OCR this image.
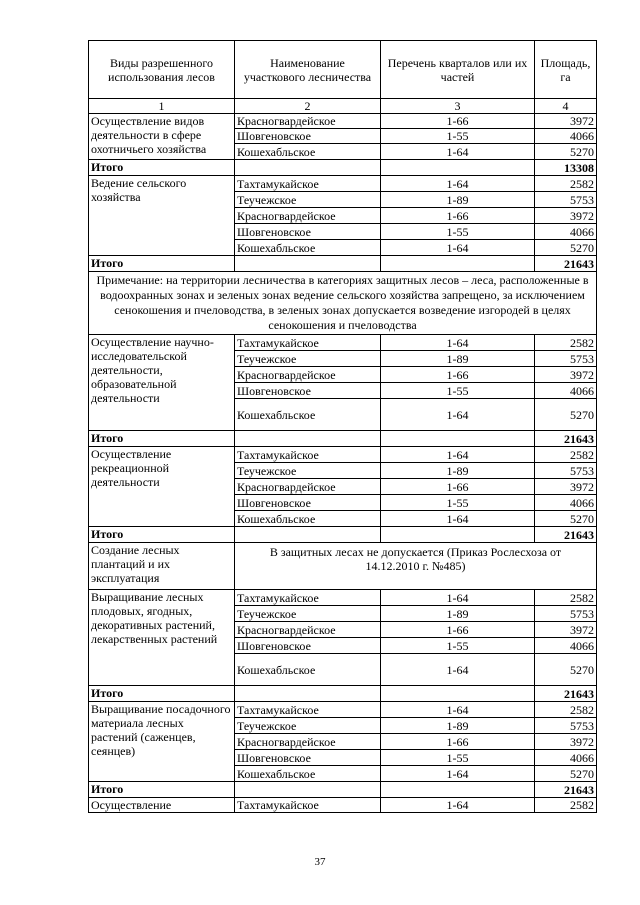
Виды разрешенного использования лесов	Наименование участкового лесничества	Перечень кварталов или их частей	Площадь, га
1	2	3	4
Осуществление видов деятельности в сфере охотничьего хозяйства	Красногвардейское	1-66	3972
	Шовгеновское	1-55	4066
	Кошехабльское	1-64	5270
Итого			13308
Ведение сельского хозяйства	Тахтамукайское	1-64	2582
	Теучежское	1-89	5753
	Красногвардейское	1-66	3972
	Шовгеновское	1-55	4066
	Кошехабльское	1-64	5270
Итого			21643
Примечание: на территории лесничества в категориях защитных лесов – леса, расположенные в водоохранных зонах и зеленых зонах ведение сельского хозяйства запрещено, за исключением сенокошения и пчеловодства, в зеленых зонах допускается возведение изгородей в целях сенокошения и пчеловодства			
Осуществление научно-исследовательской деятельности, образовательной деятельности	Тахтамукайское	1-64	2582
	Теучежское	1-89	5753
	Красногвардейское	1-66	3972
	Шовгеновское	1-55	4066
	Кошехабльское	1-64	5270
Итого			21643
Осуществление рекреационной деятельности	Тахтамукайское	1-64	2582
	Теучежское	1-89	5753
	Красногвардейское	1-66	3972
	Шовгеновское	1-55	4066
	Кошехабльское	1-64	5270
Итого			21643
Создание лесных плантаций и их эксплуатация	В защитных лесах не допускается (Приказ Рослесхоза от 14.12.2010 г. №485)		
Выращивание лесных плодовых, ягодных, декоративных растений, лекарственных растений	Тахтамукайское	1-64	2582
	Теучежское	1-89	5753
	Красногвардейское	1-66	3972
	Шовгеновское	1-55	4066
	Кошехабльское	1-64	5270
Итого			21643
Выращивание посадочного материала лесных растений (саженцев, сеянцев)	Тахтамукайское	1-64	2582
	Теучежское	1-89	5753
	Красногвардейское	1-66	3972
	Шовгеновское	1-55	4066
	Кошехабльское	1-64	5270
Итого			21643
Осуществление	Тахтамукайское	1-64	2582
37
